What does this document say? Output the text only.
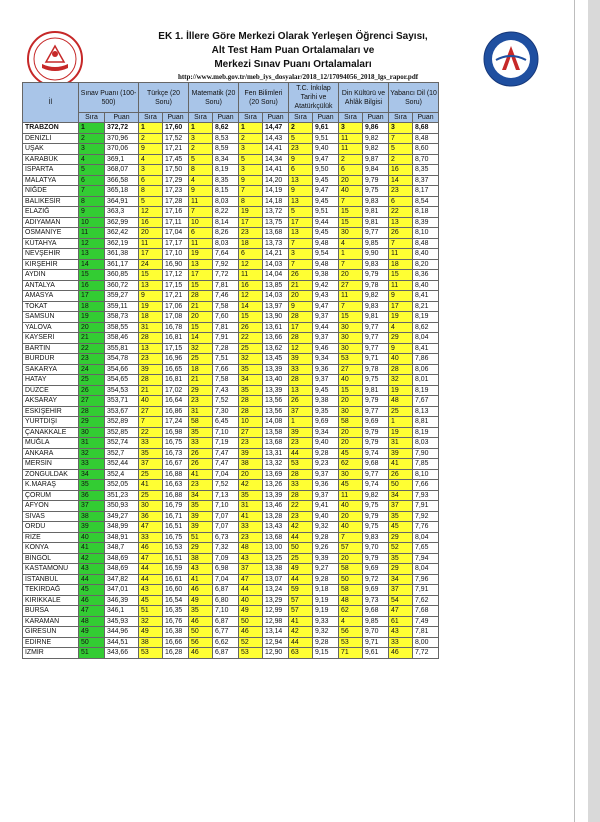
EK 1. İllere Göre Merkezi Olarak Yerleşen Öğrenci Sayısı,
Alt Test Ham Puan Ortalamaları ve
Merkezi Sınav Puanı Ortalamaları
http://www.meb.gov.tr/meb_iys_dosyalar/2018_12/17094056_2018_lgs_rapor.pdf
İl	Sınav Puanı (100-500)		Türkçe (20 Soru)		Matematik (20 Soru)		Fen Bilimleri (20 Soru)		T.C. İnkılap Tarihi ve Atatürkçülük		Din Kültürü ve Ahlâk Bilgisi		Yabancı Dil (10 Soru)	
	Sıra	Puan	Sıra	Puan	Sıra	Puan	Sıra	Puan	Sıra	Puan	Sıra	Puan	Sıra	Puan
TRABZON	1	372,72	1	17,60	1	8,62	1	14,47	2	9,61	3	9,86	3	8,68
DENİZLİ	2	370,96	2	17,52	3	8,53	2	14,43	5	9,51	11	9,82	7	8,48
UŞAK	3	370,06	9	17,21	2	8,59	3	14,41	23	9,40	11	9,82	5	8,60
KARABÜK	4	369,1	4	17,45	5	8,34	5	14,34	9	9,47	2	9,87	2	8,70
ISPARTA	5	368,07	3	17,50	8	8,19	3	14,41	6	9,50	6	9,84	16	8,35
MALATYA	6	366,58	6	17,29	4	8,35	9	14,20	13	9,45	20	9,79	14	8,37
NİĞDE	7	365,18	8	17,23	9	8,15	7	14,19	9	9,47	40	9,75	23	8,17
BALIKESİR	8	364,91	5	17,28	11	8,03	8	14,18	13	9,45	7	9,83	6	8,54
ELAZIĞ	9	363,3	12	17,16	7	8,22	19	13,72	5	9,51	15	9,81	22	8,18
ADIYAMAN	10	362,99	16	17,11	10	8,14	17	13,75	17	9,44	15	9,81	13	8,39
OSMANİYE	11	362,42	20	17,04	6	8,26	23	13,68	13	9,45	30	9,77	26	8,10
KÜTAHYA	12	362,19	11	17,17	11	8,03	18	13,73	7	9,48	4	9,85	7	8,48
NEVŞEHİR	13	361,38	17	17,10	19	7,64	6	14,21	3	9,54	1	9,90	11	8,40
KIRŞEHİR	14	361,17	24	16,90	13	7,92	12	14,03	7	9,48	7	9,83	18	8,20
AYDIN	15	360,85	15	17,12	17	7,72	11	14,04	26	9,38	20	9,79	15	8,36
ANTALYA	16	360,72	13	17,15	15	7,81	16	13,85	21	9,42	27	9,78	11	8,40
AMASYA	17	359,27	9	17,21	28	7,46	12	14,03	20	9,43	11	9,82	9	8,41
TOKAT	18	359,11	19	17,06	21	7,58	14	13,97	9	9,47	7	9,83	17	8,21
SAMSUN	19	358,73	18	17,08	20	7,60	15	13,90	28	9,37	15	9,81	19	8,19
YALOVA	20	358,55	31	16,78	15	7,81	26	13,61	17	9,44	30	9,77	4	8,62
KAYSERİ	21	358,46	28	16,81	14	7,91	22	13,66	28	9,37	30	9,77	29	8,04
BARTIN	22	355,81	13	17,15	32	7,28	25	13,62	12	9,46	30	9,77	9	8,41
BURDUR	23	354,78	23	16,96	25	7,51	32	13,45	39	9,34	53	9,71	40	7,86
SAKARYA	24	354,66	39	16,65	18	7,66	35	13,39	33	9,36	27	9,78	28	8,06
HATAY	25	354,65	28	16,81	21	7,58	34	13,40	28	9,37	40	9,75	32	8,01
DÜZCE	26	354,53	21	17,02	29	7,43	35	13,39	13	9,45	15	9,81	19	8,19
AKSARAY	27	353,71	40	16,64	23	7,52	28	13,56	26	9,38	20	9,79	48	7,67
ESKİŞEHİR	28	353,67	27	16,86	31	7,30	28	13,56	37	9,35	30	9,77	25	8,13
YURTDIŞI	29	352,89	7	17,24	58	6,45	10	14,08	1	9,69	58	9,69	1	8,81
ÇANAKKALE	30	352,85	22	16,98	35	7,10	27	13,58	39	9,34	20	9,79	19	8,19
MUĞLA	31	352,74	33	16,75	33	7,19	23	13,68	23	9,40	20	9,79	31	8,03
ANKARA	32	352,7	35	16,73	26	7,47	39	13,31	44	9,28	45	9,74	39	7,90
MERSİN	33	352,44	37	16,67	26	7,47	38	13,32	53	9,23	62	9,68	41	7,85
ZONGULDAK	34	352,4	25	16,88	41	7,04	20	13,69	28	9,37	30	9,77	26	8,10
K.MARAŞ	35	352,05	41	16,63	23	7,52	42	13,26	33	9,36	45	9,74	50	7,66
ÇORUM	36	351,23	25	16,88	34	7,13	35	13,39	28	9,37	11	9,82	34	7,93
AFYON	37	350,93	30	16,79	35	7,10	31	13,46	22	9,41	40	9,75	37	7,91
SİVAS	38	349,27	36	16,71	39	7,07	41	13,28	23	9,40	20	9,79	35	7,92
ORDU	39	348,99	47	16,51	39	7,07	33	13,43	42	9,32	40	9,75	45	7,76
RİZE	40	348,91	33	16,75	51	6,73	23	13,68	44	9,28	7	9,83	29	8,04
KONYA	41	348,7	46	16,53	29	7,32	48	13,00	50	9,26	57	9,70	52	7,65
BİNGÖL	42	348,69	47	16,51	38	7,09	43	13,25	25	9,39	20	9,79	35	7,94
KASTAMONU	43	348,69	44	16,59	43	6,98	37	13,38	49	9,27	58	9,69	29	8,04
İSTANBUL	44	347,82	44	16,61	41	7,04	47	13,07	44	9,28	50	9,72	34	7,96
TEKİRDAĞ	45	347,01	43	16,60	46	6,87	44	13,24	59	9,18	58	9,69	37	7,91
KIRIKKALE	46	346,39	45	16,54	49	6,80	40	13,29	57	9,19	48	9,73	54	7,62
BURSA	47	346,1	51	16,35	35	7,10	49	12,99	57	9,19	62	9,68	47	7,68
KARAMAN	48	345,93	32	16,76	46	6,87	50	12,98	41	9,33	4	9,85	61	7,49
GİRESUN	49	344,96	49	16,38	50	6,77	46	13,14	42	9,32	56	9,70	43	7,81
EDİRNE	50	344,51	38	16,66	56	6,62	52	12,94	44	9,28	53	9,71	33	8,00
İZMİR	51	343,66	53	16,28	46	6,87	53	12,90	63	9,15	71	9,61	46	7,72
